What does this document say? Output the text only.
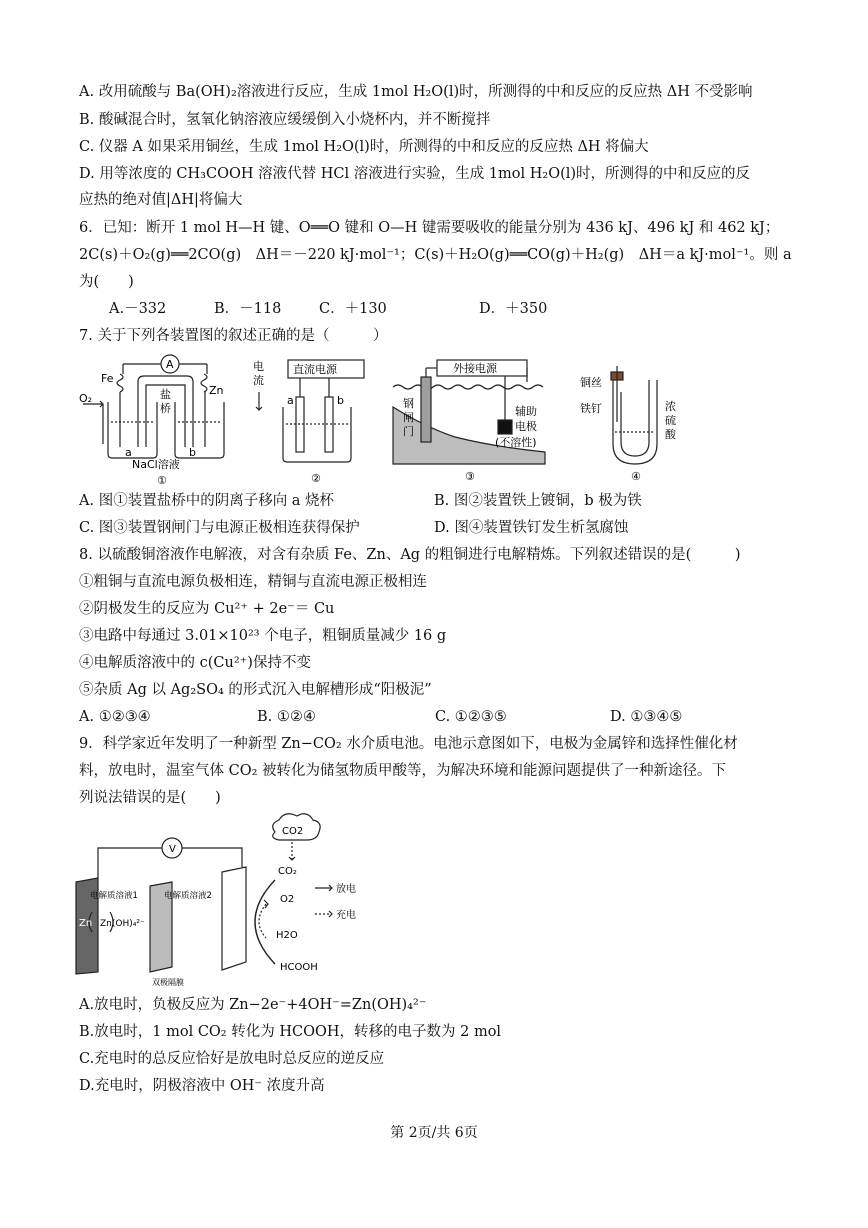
A. 改用硫酸与 Ba(OH)₂溶液进行反应，生成 1mol H₂O(l)时，所测得的中和反应的反应热 ΔH 不受影响
B. 酸碱混合时，氢氧化钠溶液应缓缓倒入小烧杯内，并不断搅拌
C. 仪器 A 如果采用铜丝，生成 1mol H₂O(l)时，所测得的中和反应的反应热 ΔH 将偏大
D. 用等浓度的 CH₃COOH 溶液代替 HCl 溶液进行实验，生成 1mol H₂O(l)时，所测得的中和反应的反
应热的绝对值|ΔH|将偏大
6．已知：断开 1 mol H—H 键、O══O 键和 O—H 键需要吸收的能量分别为 436 kJ、496 kJ 和 462 kJ；
2C(s)＋O₂(g)══2CO(g)　ΔH＝－220 kJ·mol⁻¹；C(s)＋H₂O(g)══CO(g)＋H₂(g)　ΔH＝a kJ·mol⁻¹。则 a
为(　　)
A.－332	B．－118	C．＋130	D．＋350
7. 关于下列各装置图的叙述正确的是（　　　）
A
Fe
Zn
O₂	盐
桥
a	b
NaCl溶液
①
直流电源
电
流
a	b
②
外接电源
钢
闸
门
辅助
电极
(不溶性)
③
铜丝
铁钉	浓
硫
酸
④
A. 图①装置盐桥中的阴离子移向 a 烧杯	B. 图②装置铁上镀铜，b 极为铁
C. 图③装置钢闸门与电源正极相连获得保护	D. 图④装置铁钉发生析氢腐蚀
8. 以硫酸铜溶液作电解液，对含有杂质 Fe、Zn、Ag 的粗铜进行电解精炼。下列叙述错误的是(　　　)
①粗铜与直流电源负极相连，精铜与直流电源正极相连
②阴极发生的反应为 Cu²⁺ + 2e⁻＝ Cu
③电路中每通过 3.01×10²³ 个电子，粗铜质量减少 16 g
④电解质溶液中的 c(Cu²⁺)保持不变
⑤杂质 Ag 以 Ag₂SO₄ 的形式沉入电解槽形成“阳极泥”
A. ①②③④	B. ①②④	C. ①②③⑤	D. ①③④⑤
9．科学家近年发明了一种新型 Zn−CO₂ 水介质电池。电池示意图如下，电极为金属锌和选择性催化材
料，放电时，温室气体 CO₂ 被转化为储氢物质甲酸等，为解决环境和能源问题提供了一种新途径。下
列说法错误的是(　　)
CO2
CO₂
V
电解质溶液1	电解质溶液2
Zn Zn(OH)₄²⁻
O2
H2O
HCOOH
放电
充电
双极隔膜
A.放电时，负极反应为 Zn−2e⁻+4OH⁻=Zn(OH)₄²⁻
B.放电时，1 mol CO₂ 转化为 HCOOH，转移的电子数为 2 mol
C.充电时的总反应恰好是放电时总反应的逆反应
D.充电时，阴极溶液中 OH⁻ 浓度升高
第 2页/共 6页
